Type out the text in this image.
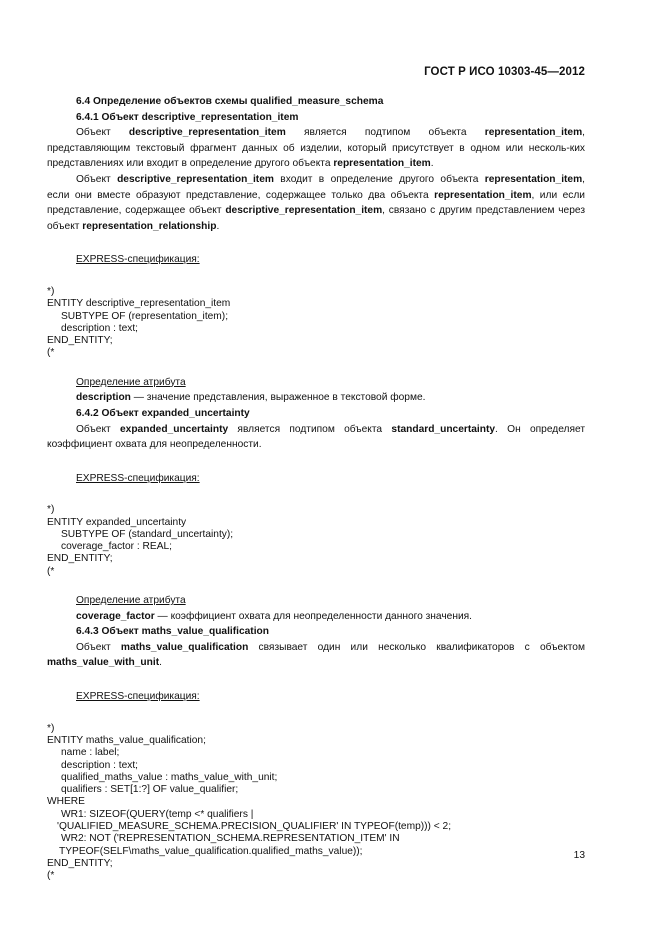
ГОСТ Р ИСО 10303-45—2012

6.4 Определение объектов схемы qualified_measure_schema

6.4.1 Объект descriptive_representation_item

Объект descriptive_representation_item является подтипом объекта representation_item, представляющим текстовый фрагмент данных об изделии, который присутствует в одном или несколь-ких представлениях или входит в определение другого объекта representation_item.

Объект descriptive_representation_item входит в определение другого объекта representation_item, если они вместе образуют представление, содержащее только два объекта representation_item, или если представление, содержащее объект descriptive_representation_item, связано с другим представлением через объект representation_relationship.

EXPRESS-спецификация:

*)
ENTITY descriptive_representation_item
SUBTYPE OF (representation_item);
description : text;
END_ENTITY;
(*

Определение атрибута

description — значение представления, выраженное в текстовой форме.

6.4.2 Объект expanded_uncertainty

Объект expanded_uncertainty является подтипом объекта standard_uncertainty. Он определяет коэффициент охвата для неопределенности.

EXPRESS-спецификация:

*)
ENTITY expanded_uncertainty
SUBTYPE OF (standard_uncertainty);
coverage_factor : REAL;
END_ENTITY;
(*

Определение атрибута

coverage_factor — коэффициент охвата для неопределенности данного значения.

6.4.3 Объект maths_value_qualification

Объект maths_value_qualification связывает один или несколько квалификаторов с объектом maths_value_with_unit.

EXPRESS-спецификация:

*)
ENTITY maths_value_qualification;
name : label;
description : text;
qualified_maths_value : maths_value_with_unit;
qualifiers : SET[1:?] OF value_qualifier;
WHERE
WR1: SIZEOF(QUERY(temp <* qualifiers |
'QUALIFIED_MEASURE_SCHEMA.PRECISION_QUALIFIER' IN TYPEOF(temp))) < 2;
WR2: NOT ('REPRESENTATION_SCHEMA.REPRESENTATION_ITEM' IN
TYPEOF(SELF\maths_value_qualification.qualified_maths_value));
END_ENTITY;
(*
13
